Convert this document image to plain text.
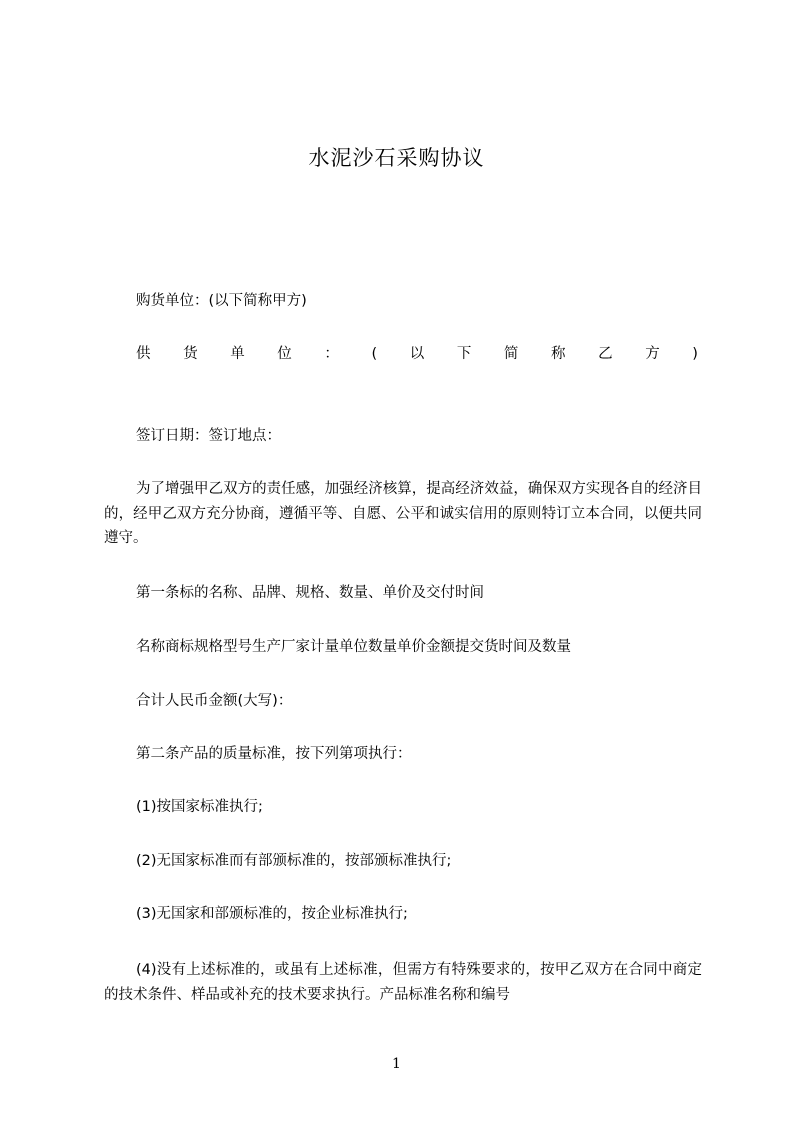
水泥沙石采购协议
购货单位：(以下简称甲方)
供 货 单 位 ： ( 以 下 简 称 乙 方 )
签订日期：签订地点：
为了增强甲乙双方的责任感，加强经济核算，提高经济效益，确保双方实现各自的经济目的，经甲乙双方充分协商，遵循平等、自愿、公平和诚实信用的原则特订立本合同，以便共同遵守。
第一条标的名称、品牌、规格、数量、单价及交付时间
名称商标规格型号生产厂家计量单位数量单价金额提交货时间及数量
合计人民币金额(大写)：
第二条产品的质量标准，按下列第项执行：
(1)按国家标准执行;
(2)无国家标准而有部颁标准的，按部颁标准执行;
(3)无国家和部颁标准的，按企业标准执行;
(4)没有上述标准的，或虽有上述标准，但需方有特殊要求的，按甲乙双方在合同中商定的技术条件、样品或补充的技术要求执行。产品标准名称和编号
1
